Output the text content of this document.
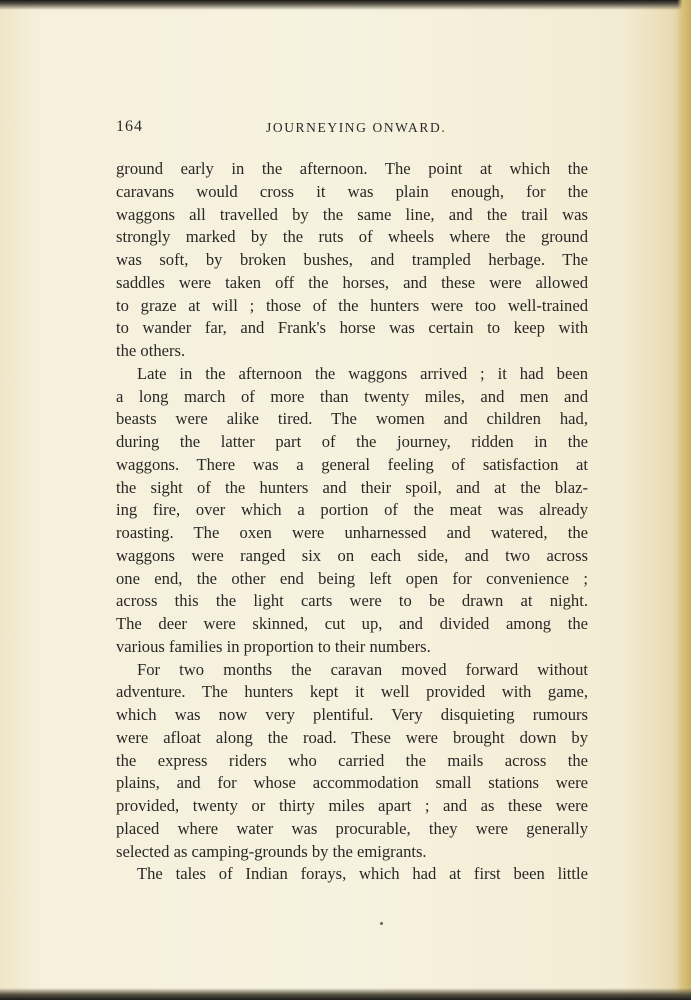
164	JOURNEYING ONWARD.
ground early in the afternoon. The point at which the
caravans would cross it was plain enough, for the
waggons all travelled by the same line, and the trail was
strongly marked by the ruts of wheels where the ground
was soft, by broken bushes, and trampled herbage. The
saddles were taken off the horses, and these were allowed
to graze at will ; those of the hunters were too well-trained
to wander far, and Frank's horse was certain to keep with
the others.
Late in the afternoon the waggons arrived ; it had been
a long march of more than twenty miles, and men and
beasts were alike tired. The women and children had,
during the latter part of the journey, ridden in the
waggons. There was a general feeling of satisfaction at
the sight of the hunters and their spoil, and at the blaz-
ing fire, over which a portion of the meat was already
roasting. The oxen were unharnessed and watered, the
waggons were ranged six on each side, and two across
one end, the other end being left open for convenience ;
across this the light carts were to be drawn at night.
The deer were skinned, cut up, and divided among the
various families in proportion to their numbers.
For two months the caravan moved forward without
adventure. The hunters kept it well provided with game,
which was now very plentiful. Very disquieting rumours
were afloat along the road. These were brought down by
the express riders who carried the mails across the
plains, and for whose accommodation small stations were
provided, twenty or thirty miles apart ; and as these were
placed where water was procurable, they were generally
selected as camping-grounds by the emigrants.
The tales of Indian forays, which had at first been little
